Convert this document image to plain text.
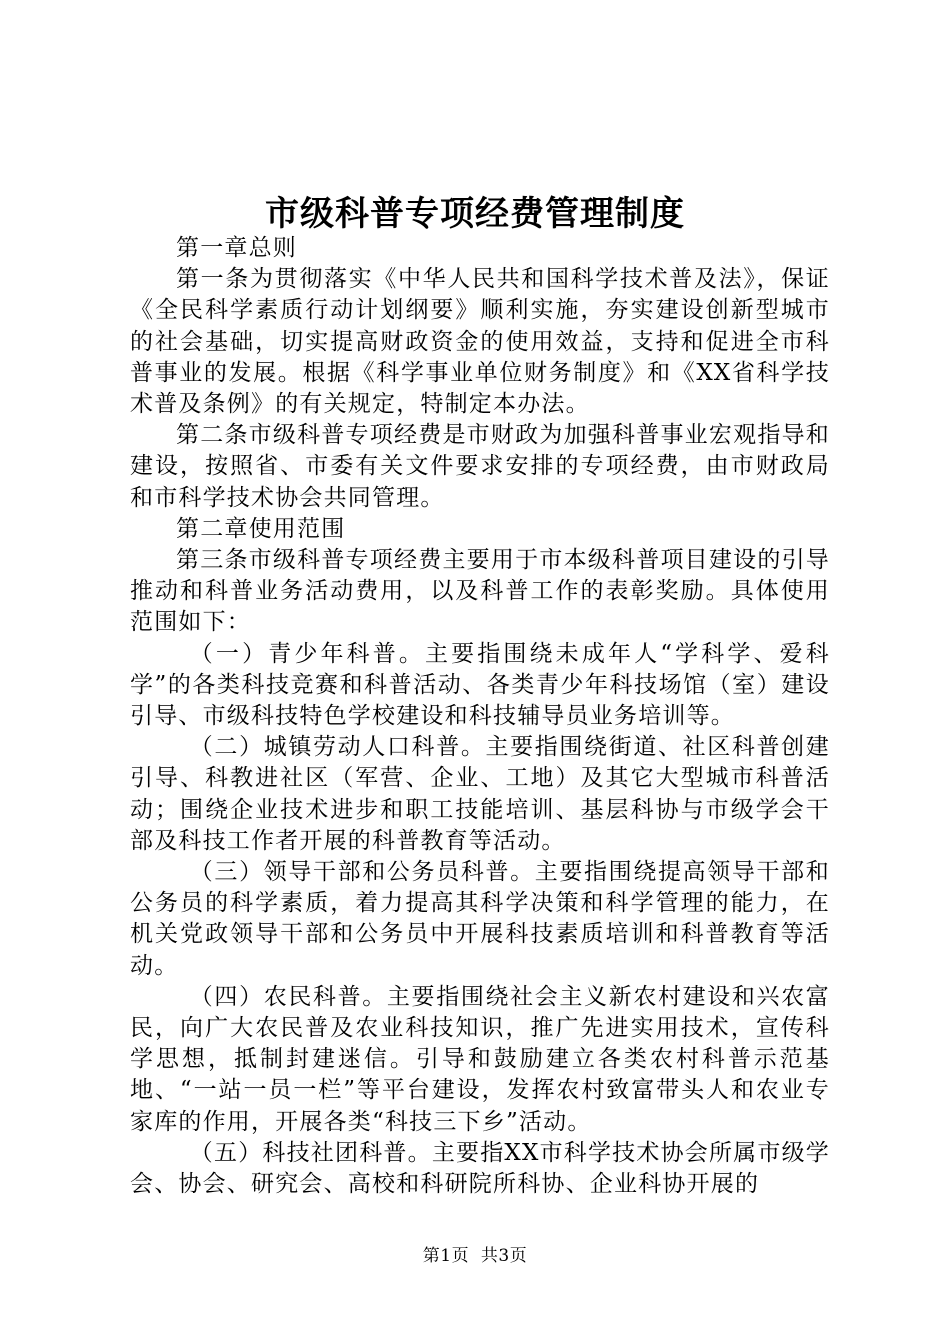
市级科普专项经费管理制度

第一章总则

第一条为贯彻落实《中华人民共和国科学技术普及法》，保证《全民科学素质行动计划纲要》顺利实施，夯实建设创新型城市的社会基础，切实提高财政资金的使用效益，支持和促进全市科普事业的发展。根据《科学事业单位财务制度》和《XX省科学技术普及条例》的有关规定，特制定本办法。

第二条市级科普专项经费是市财政为加强科普事业宏观指导和建设，按照省、市委有关文件要求安排的专项经费，由市财政局和市科学技术协会共同管理。

第二章使用范围

第三条市级科普专项经费主要用于市本级科普项目建设的引导推动和科普业务活动费用，以及科普工作的表彰奖励。具体使用范围如下：

（一）青少年科普。主要指围绕未成年人“学科学、爱科学”的各类科技竞赛和科普活动、各类青少年科技场馆（室）建设引导、市级科技特色学校建设和科技辅导员业务培训等。

（二）城镇劳动人口科普。主要指围绕街道、社区科普创建引导、科教进社区（军营、企业、工地）及其它大型城市科普活动；围绕企业技术进步和职工技能培训、基层科协与市级学会干部及科技工作者开展的科普教育等活动。

（三）领导干部和公务员科普。主要指围绕提高领导干部和公务员的科学素质，着力提高其科学决策和科学管理的能力，在机关党政领导干部和公务员中开展科技素质培训和科普教育等活动。

（四）农民科普。主要指围绕社会主义新农村建设和兴农富民，向广大农民普及农业科技知识，推广先进实用技术，宣传科学思想，抵制封建迷信。引导和鼓励建立各类农村科普示范基地、“一站一员一栏”等平台建设，发挥农村致富带头人和农业专家库的作用，开展各类“科技三下乡”活动。

（五）科技社团科普。主要指XX市科学技术协会所属市级学会、协会、研究会、高校和科研院所科协、企业科协开展的

第1页  共3页
